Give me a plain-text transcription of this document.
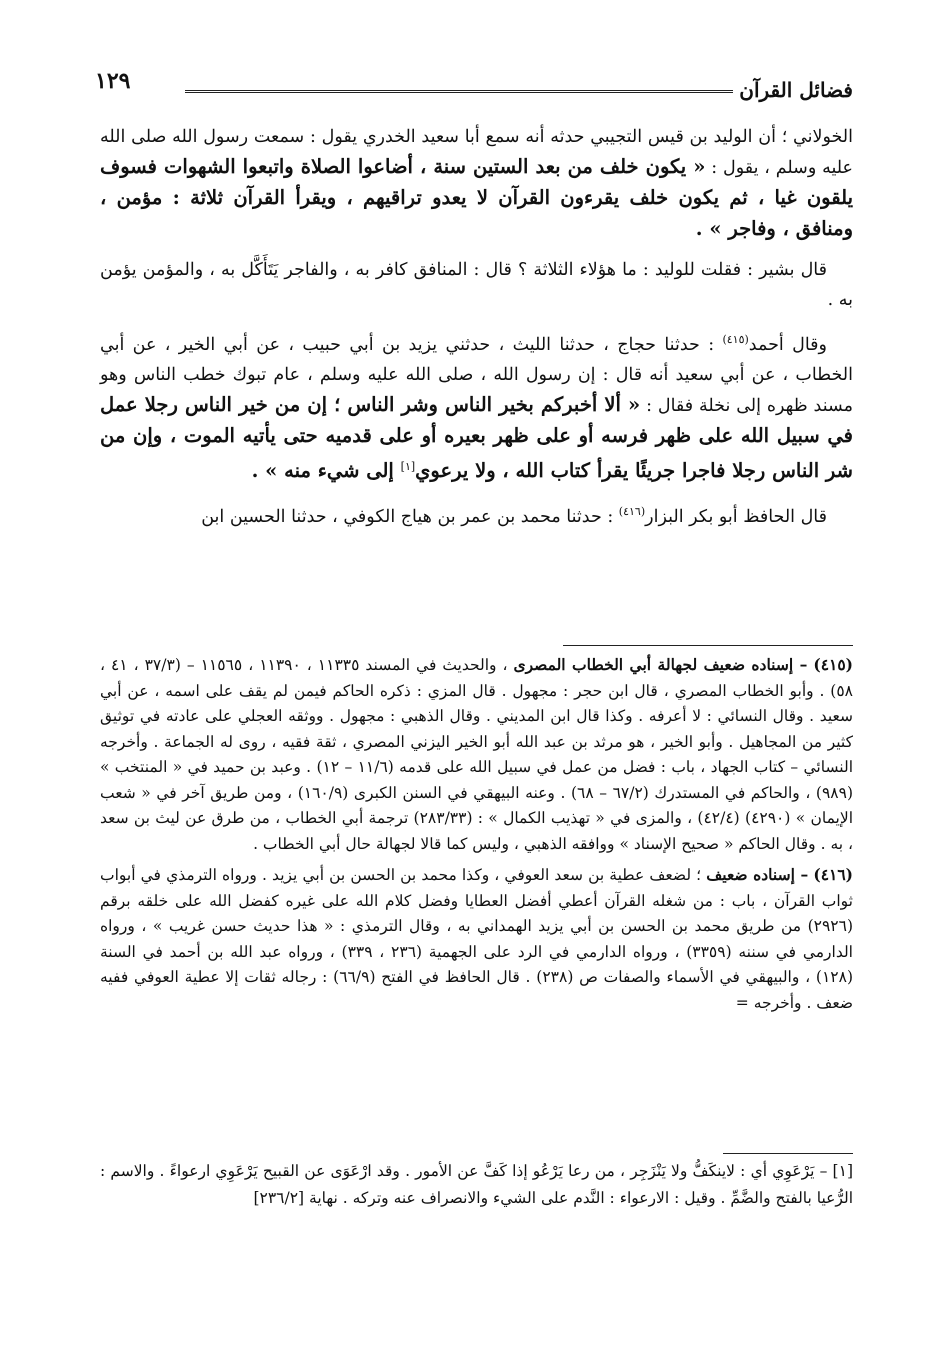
فضائل القرآن
١٢٩

الخولاني ؛ أن الوليد بن قيس التجيبي حدثه أنه سمع أبا سعيد الخدري يقول : سمعت رسول الله صلى الله عليه وسلم ، يقول : « يكون خلف من بعد الستين سنة ، أضاعوا الصلاة واتبعوا الشهوات فسوف يلقون غيا ، ثم يكون خلف يقرءون القرآن لا يعدو تراقيهم ، ويقرأ القرآن ثلاثة : مؤمن ، ومنافق ، وفاجر » .

قال بشير : فقلت للوليد : ما هؤلاء الثلاثة ؟ قال : المنافق كافر به ، والفاجر يَتَأَكَّل به ، والمؤمن يؤمن به .

وقال أحمد$^{(٤١٥)}$ : حدثنا حجاج ، حدثنا الليث ، حدثني يزيد بن أبي حبيب ، عن أبي الخير ، عن أبي الخطاب ، عن أبي سعيد أنه قال : إن رسول الله ، صلى الله عليه وسلم ، عام تبوك خطب الناس وهو مسند ظهره إلى نخلة فقال : « ألا أخبركم بخير الناس وشر الناس ؛ إن من خير الناس رجلا عمل في سبيل الله على ظهر فرسه أو على ظهر بعيره أو على قدميه حتى يأتيه الموت ، وإن من شر الناس رجلا فاجرا جريئًا يقرأ كتاب الله ، ولا يرعوي[١] إلى شيء منه » .

قال الحافظ أبو بكر البزار$^{(٤١٦)}$ : حدثنا محمد بن عمر بن هياج الكوفي ، حدثنا الحسين ابن

(٤١٥) – إسناده ضعيف لجهالة أبي الخطاب المصرى ، والحديث في المسند ١١٣٣٥ ، ١١٣٩٠ ، ١١٥٦٥ – (٣٧/٣ ، ٤١ ، ٥٨) . وأبو الخطاب المصري ، قال ابن حجر : مجهول . قال المزي : ذكره الحاكم فيمن لم يقف على اسمه ، عن أبي سعيد . وقال النسائي : لا أعرفه . وكذا قال ابن المديني . وقال الذهبي : مجهول . ووثقه العجلي على عادته في توثيق كثير من المجاهيل . وأبو الخير ، هو مرثد بن عبد الله أبو الخير اليزني المصري ، ثقة فقيه ، روى له الجماعة . وأخرجه النسائي – كتاب الجهاد ، باب : فضل من عمل في سبيل الله على قدمه (١١/٦ – ١٢) . وعبد بن حميد في « المنتخب » (٩٨٩) ، والحاكم في المستدرك (٦٧/٢ – ٦٨) . وعنه البيهقي في السنن الكبرى (١٦٠/٩) ، ومن طريق آخر في « شعب الإيمان » (٤٢٩٠) (٤٢/٤) ، والمزى في « تهذيب الكمال » : (٢٨٣/٣٣) ترجمة أبي الخطاب ، من طرق عن ليث بن سعد ، به . وقال الحاكم « صحيح الإسناد » ووافقه الذهبي ، وليس كما قالا لجهالة حال أبي الخطاب .

(٤١٦) – إسناده ضعيف ؛ لضعف عطية بن سعد العوفي ، وكذا محمد بن الحسن بن أبي يزيد . ورواه الترمذي في أبواب ثواب القرآن ، باب : من شغله القرآن أعطي أفضل العطايا وفضل كلام الله على غيره كفضل الله على خلقه برقم (٢٩٢٦) من طريق محمد بن الحسن بن أبي يزيد الهمداني به ، وقال الترمذي : « هذا حديث حسن غريب » ، ورواه الدارمي في سننه (٣٣٥٩) ، ورواه الدارمي في الرد على الجهمية (٢٣٦ ، ٣٣٩) ، ورواه عبد الله بن أحمد في السنة (١٢٨) ، والبيهقي في الأسماء والصفات ص (٢٣٨) . قال الحافظ في الفتح (٦٦/٩) : رجاله ثقات إلا عطية العوفي ففيه ضعف . وأخرجه =

[١] – يَرْعَوِي أي : لاينكَفُّ ولا يَنْزَجِر ، من رعا يَرْعُو إذا كَفَّ عن الأمور . وقد ارْعَوَى عن القبيح يَرْعَوِي ارعواءً . والاسم : الرُّعيا بالفتح والضَّمِّ . وقيل : الارعواء : النَّدم على الشيء والانصراف عنه وتركه . نهاية [٢٣٦/٢]
